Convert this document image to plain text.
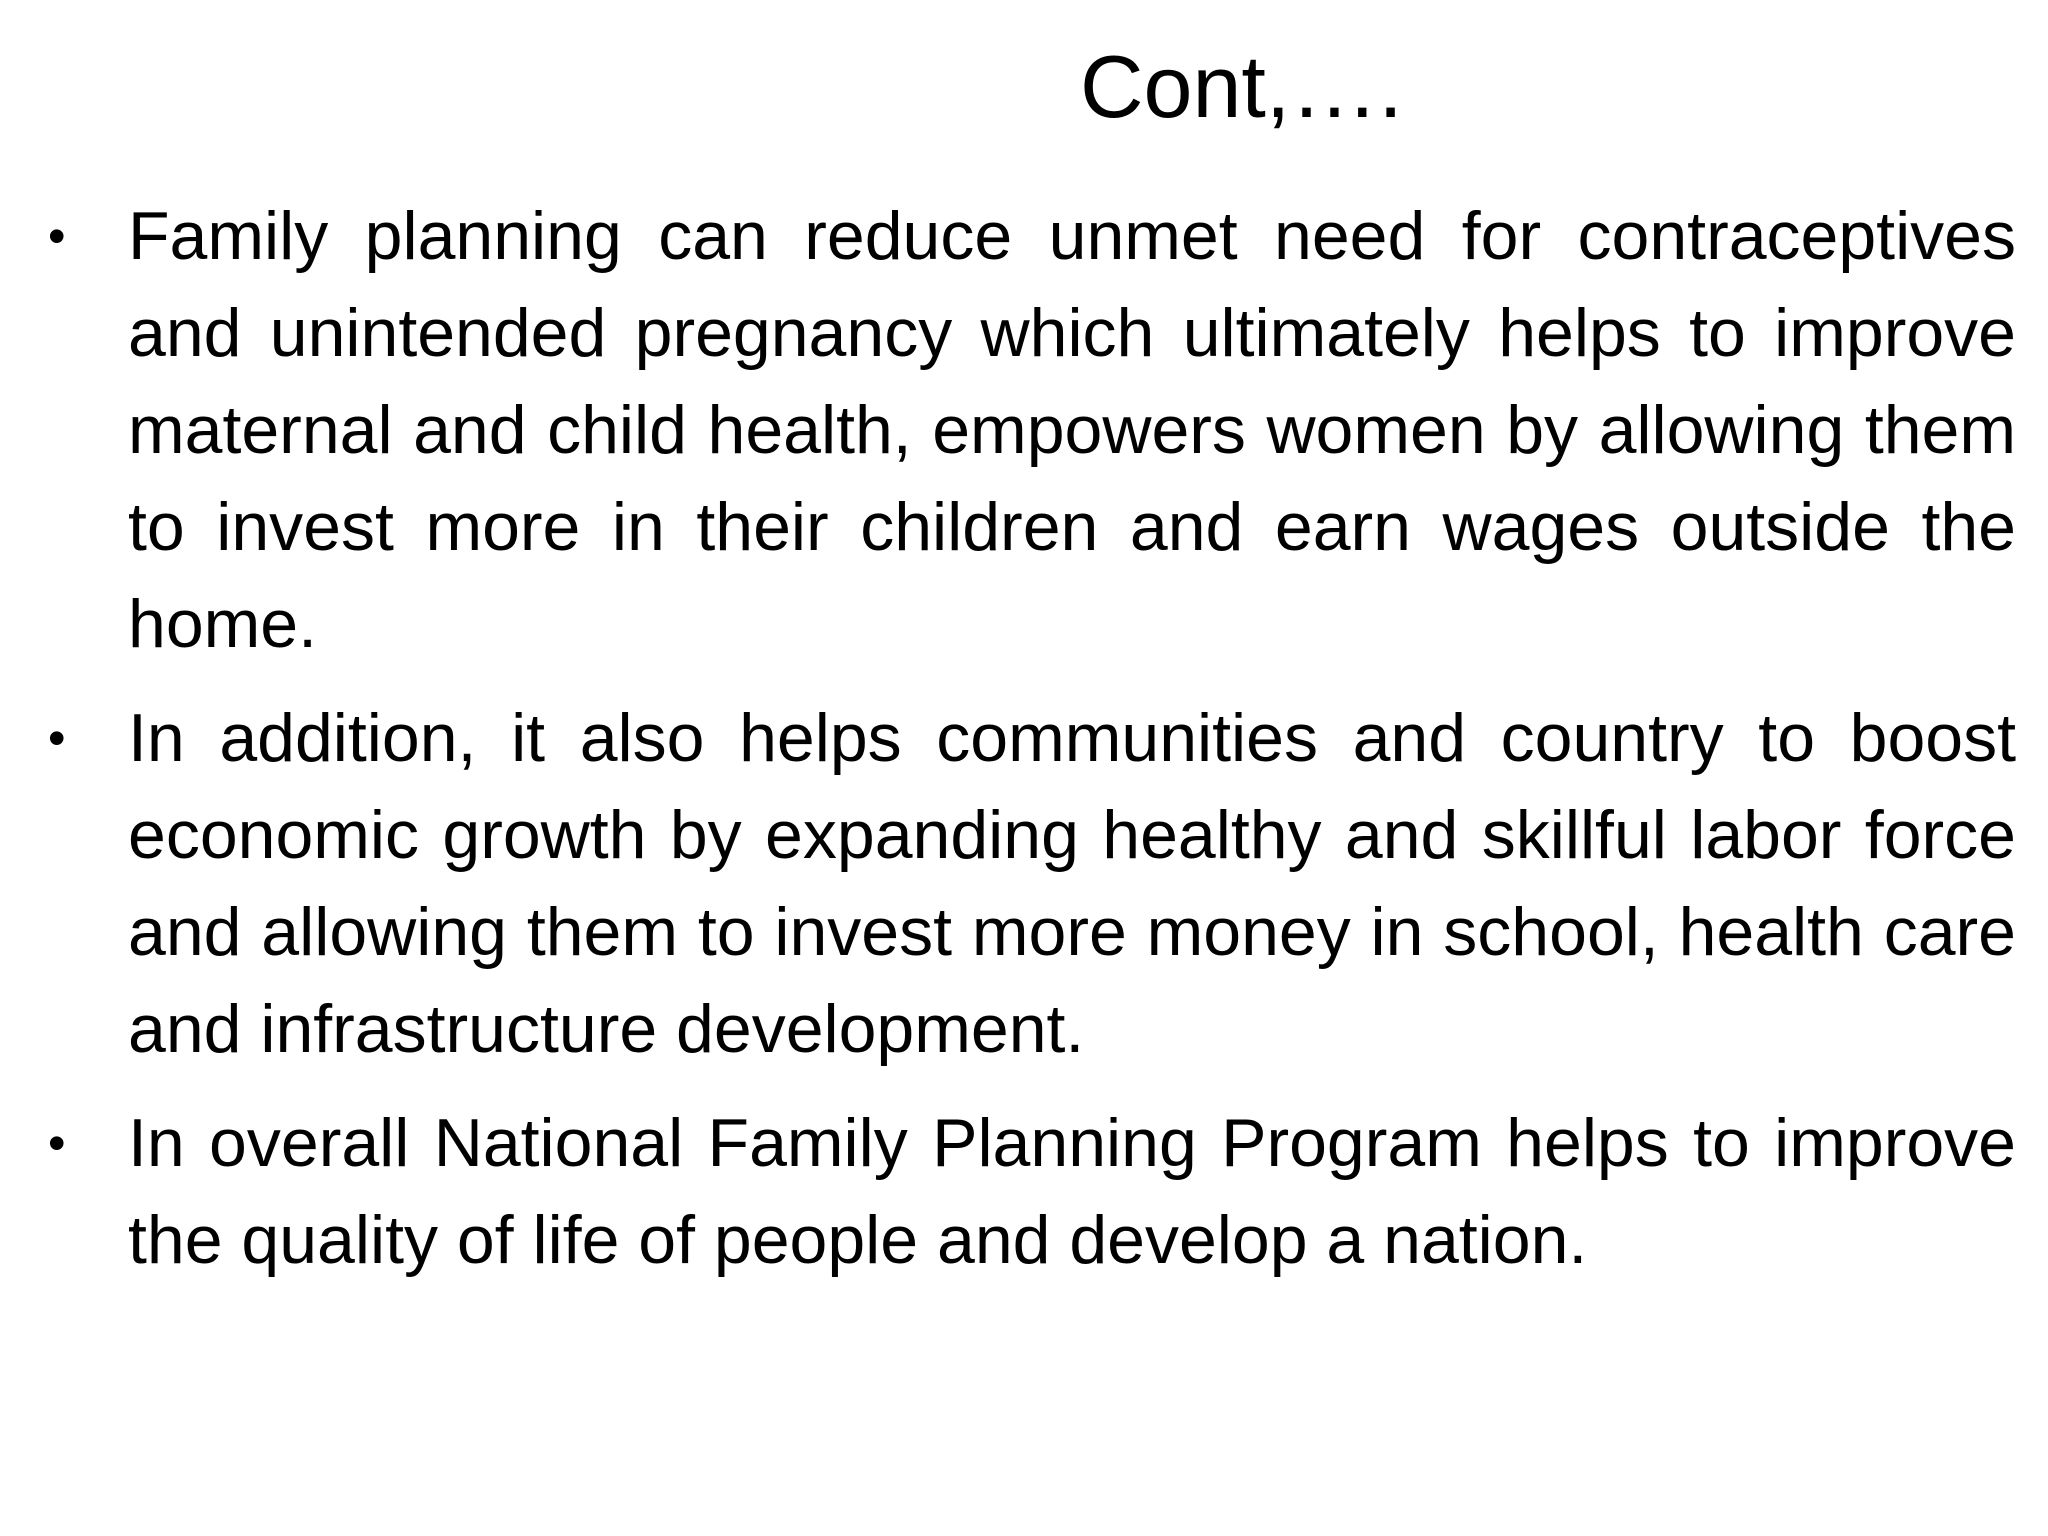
Cont,….
• Family planning can reduce unmet need for contraceptives and unintended pregnancy which ultimately helps to improve maternal and child health, empowers women by allowing them to invest more in their children and earn wages outside the home.
• In addition, it also helps communities and country to boost economic growth by expanding healthy and skillful labor force and allowing them to invest more money in school, health care and infrastructure development.
• In overall National Family Planning Program helps to improve the quality of life of people and develop a nation.
